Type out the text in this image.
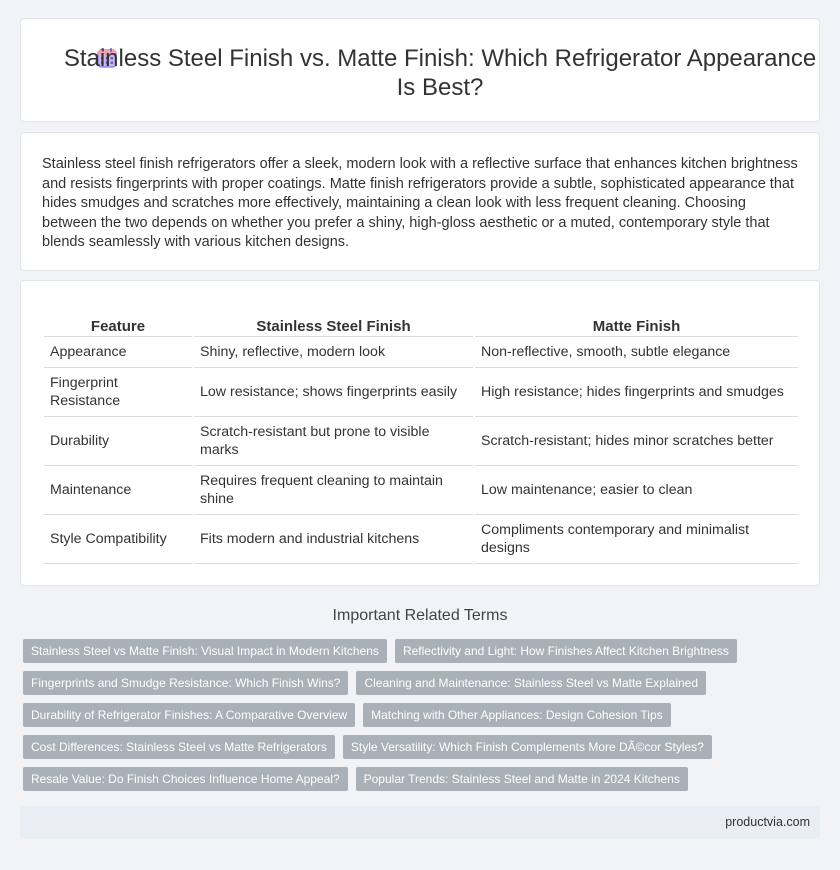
Stainless Steel Finish vs. Matte Finish: Which Refrigerator Appearance Is Best?

Stainless steel finish refrigerators offer a sleek, modern look with a reflective surface that enhances kitchen brightness and resists fingerprints with proper coatings. Matte finish refrigerators provide a subtle, sophisticated appearance that hides smudges and scratches more effectively, maintaining a clean look with less frequent cleaning. Choosing between the two depends on whether you prefer a shiny, high-gloss aesthetic or a muted, contemporary style that blends seamlessly with various kitchen designs.

Feature	Stainless Steel Finish	Matte Finish
Appearance	Shiny, reflective, modern look	Non-reflective, smooth, subtle elegance
Fingerprint Resistance	Low resistance; shows fingerprints easily	High resistance; hides fingerprints and smudges
Durability	Scratch-resistant but prone to visible marks	Scratch-resistant; hides minor scratches better
Maintenance	Requires frequent cleaning to maintain shine	Low maintenance; easier to clean
Style Compatibility	Fits modern and industrial kitchens	Compliments contemporary and minimalist designs
Important Related Terms
Stainless Steel vs Matte Finish: Visual Impact in Modern Kitchens	Reflectivity and Light: How Finishes Affect Kitchen Brightness
Fingerprints and Smudge Resistance: Which Finish Wins?	Cleaning and Maintenance: Stainless Steel vs Matte Explained
Durability of Refrigerator Finishes: A Comparative Overview	Matching with Other Appliances: Design Cohesion Tips
Cost Differences: Stainless Steel vs Matte Refrigerators	Style Versatility: Which Finish Complements More DÃ©cor Styles?
Resale Value: Do Finish Choices Influence Home Appeal?	Popular Trends: Stainless Steel and Matte in 2024 Kitchens
productvia.com
